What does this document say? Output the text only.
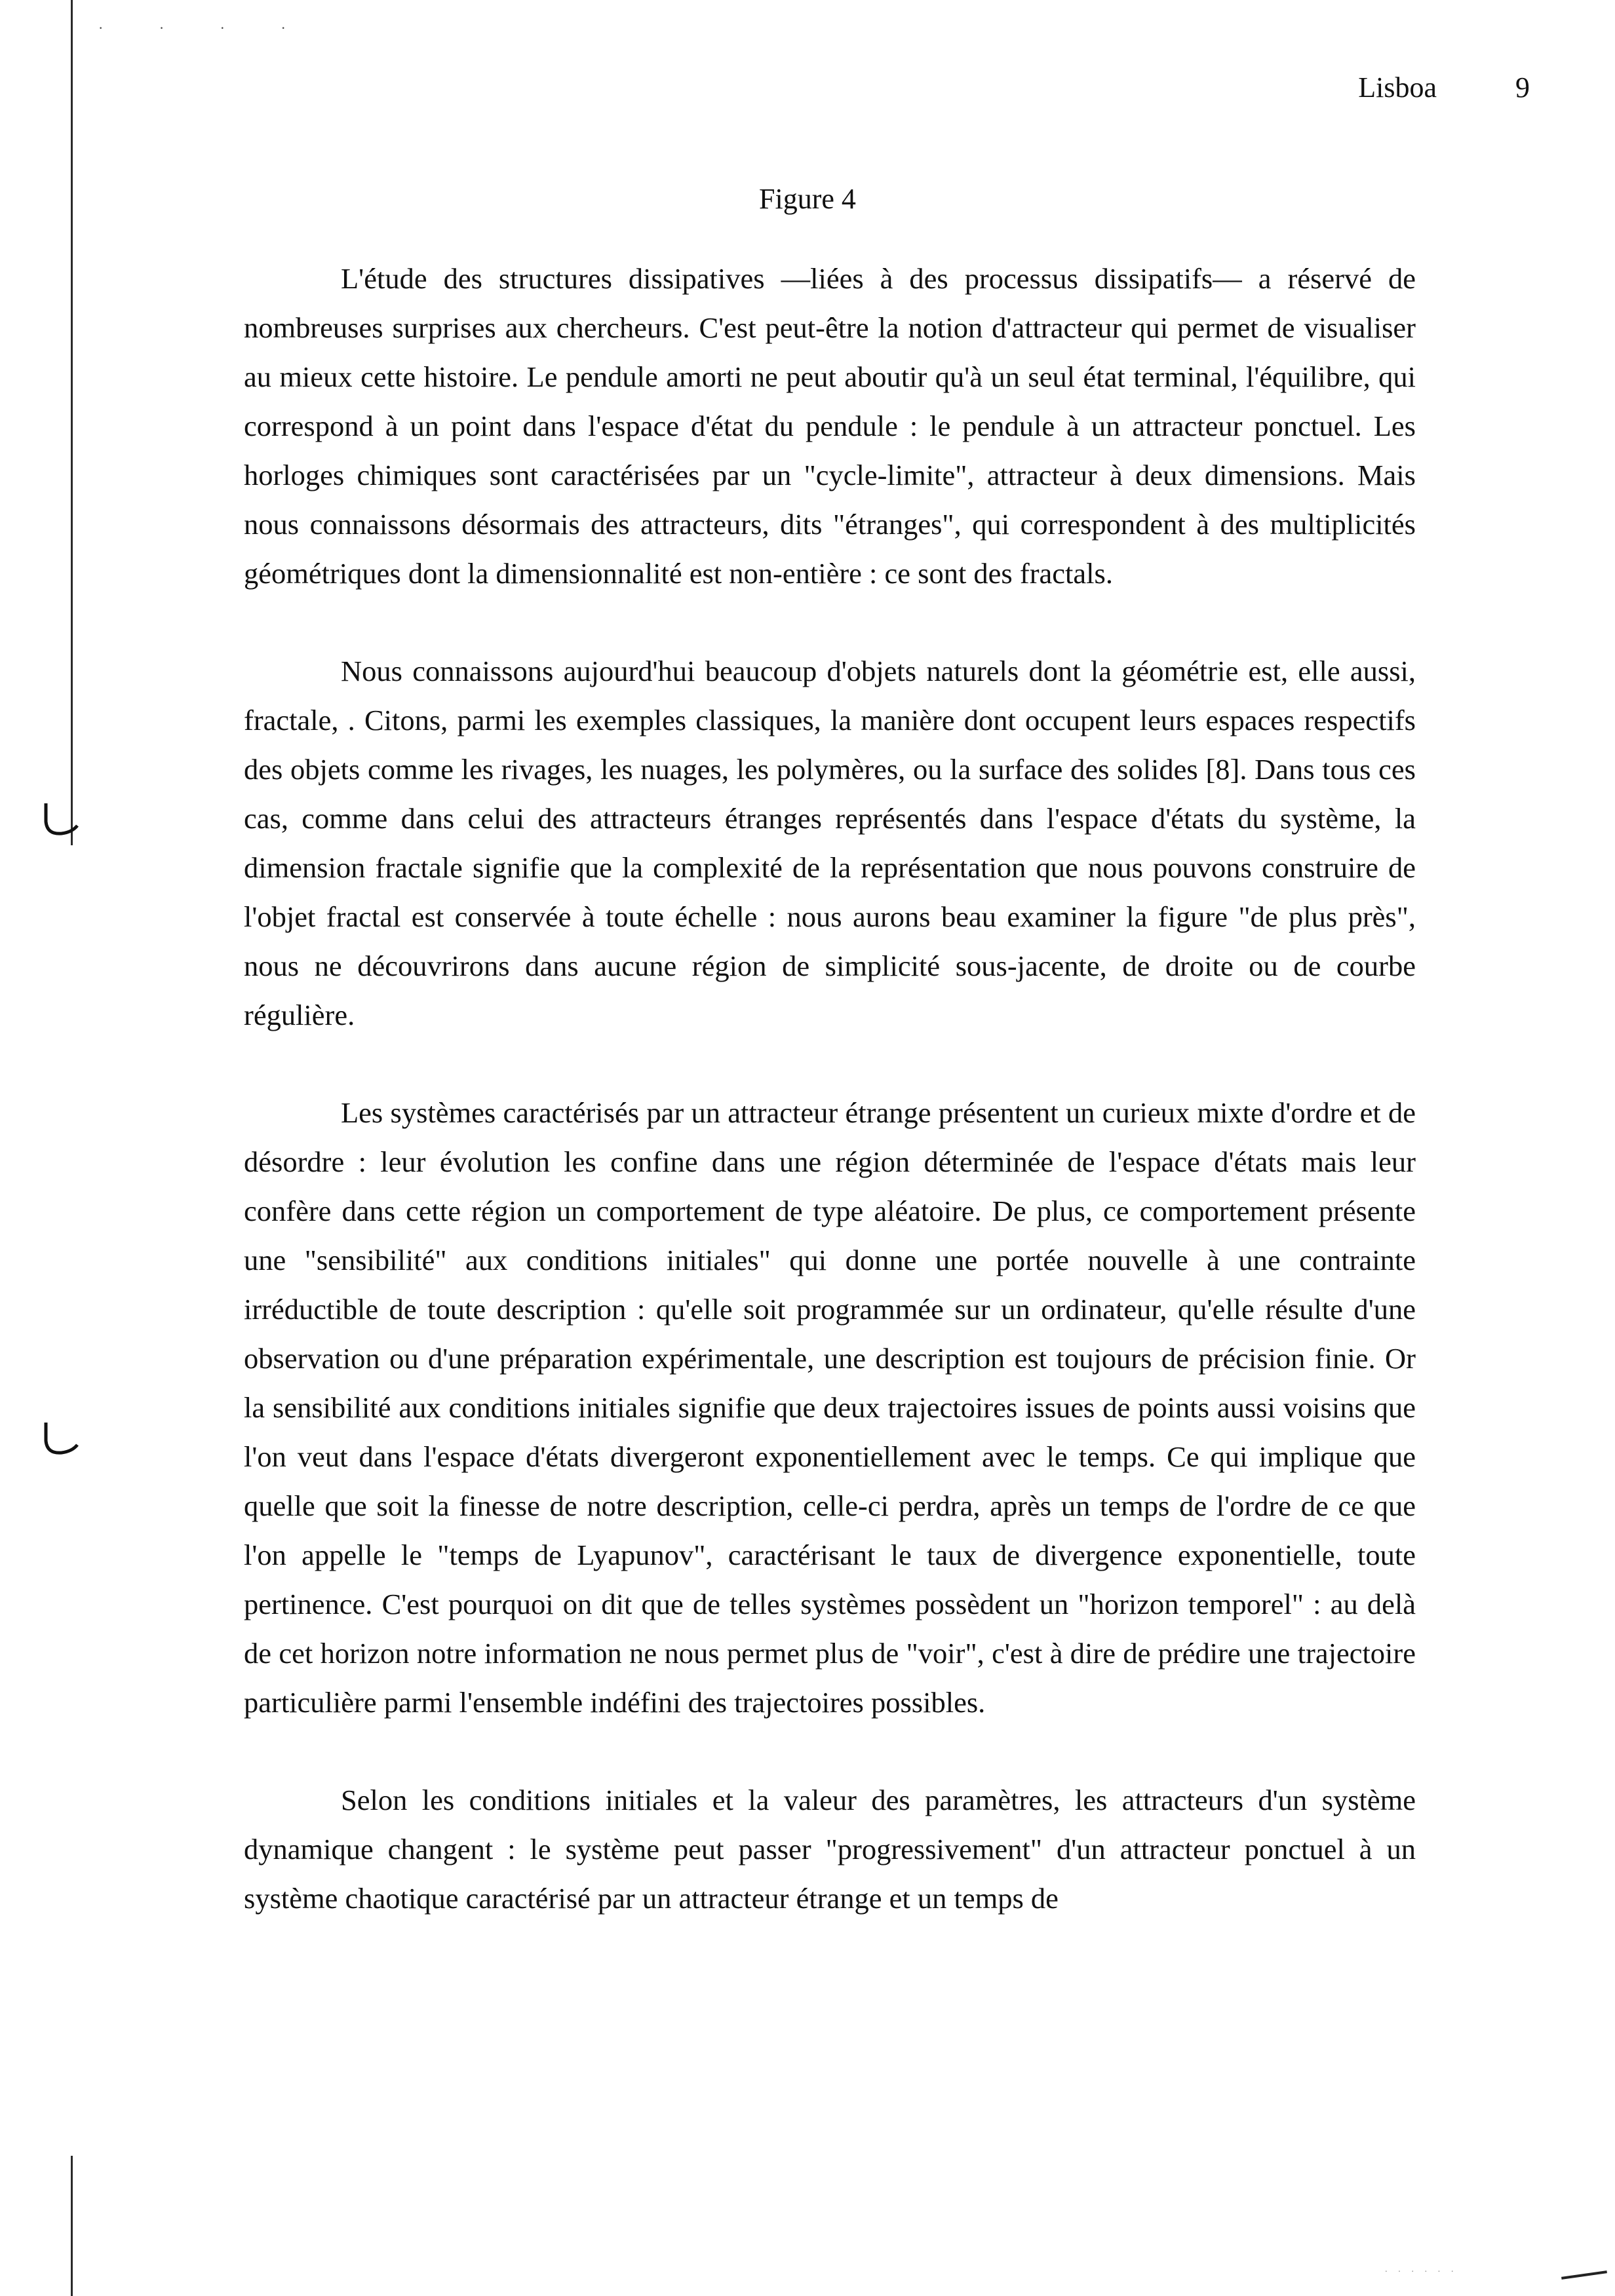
· · · ·
Lisboa	9
Figure 4

L'étude des structures dissipatives —liées à des processus dissipatifs— a réservé de nombreuses surprises aux chercheurs. C'est peut-être la notion d'attracteur qui permet de visualiser au mieux cette histoire. Le pendule amorti ne peut aboutir qu'à un seul état terminal, l'équilibre, qui correspond à un point dans l'espace d'état du pendule : le pendule à un attracteur ponctuel. Les horloges chimiques sont caractérisées par un "cycle-limite", attracteur à deux dimensions. Mais nous connaissons désormais des attracteurs, dits "étranges", qui correspondent à des multiplicités géométriques dont la dimensionnalité est non-entière : ce sont des fractals.

Nous connaissons aujourd'hui beaucoup d'objets naturels dont la géométrie est, elle aussi, fractale, . Citons, parmi les exemples classiques, la manière dont occupent leurs espaces respectifs des objets comme les rivages, les nuages, les polymères, ou la surface des solides [8]. Dans tous ces cas, comme dans celui des attracteurs étranges représentés dans l'espace d'états du système, la dimension fractale signifie que la complexité de la représentation que nous pouvons construire de l'objet fractal est conservée à toute échelle : nous aurons beau examiner la figure "de plus près", nous ne découvrirons dans aucune région de simplicité sous-jacente, de droite ou de courbe régulière.

Les systèmes caractérisés par un attracteur étrange présentent un curieux mixte d'ordre et de désordre : leur évolution les confine dans une région déterminée de l'espace d'états mais leur confère dans cette région un comportement de type aléatoire. De plus, ce comportement présente une "sensibilité" aux conditions initiales" qui donne une portée nouvelle à une contrainte irréductible de toute description : qu'elle soit programmée sur un ordinateur, qu'elle résulte d'une observation ou d'une préparation expérimentale, une description est toujours de précision finie. Or la sensibilité aux conditions initiales signifie que deux trajectoires issues de points aussi voisins que l'on veut dans l'espace d'états divergeront exponentiellement avec le temps. Ce qui implique que quelle que soit la finesse de notre description, celle-ci perdra, après un temps de l'ordre de ce que l'on appelle le "temps de Lyapunov", caractérisant le taux de divergence exponentielle, toute pertinence. C'est pourquoi on dit que de telles systèmes possèdent un "horizon temporel" : au delà de cet horizon notre information ne nous permet plus de "voir", c'est à dire de prédire une trajectoire particulière parmi l'ensemble indéfini des trajectoires possibles.

Selon les conditions initiales et la valeur des paramètres, les attracteurs d'un système dynamique changent : le système peut passer "progressivement" d'un attracteur ponctuel à un système chaotique caractérisé par un attracteur étrange et un temps de

· · · · · ·
